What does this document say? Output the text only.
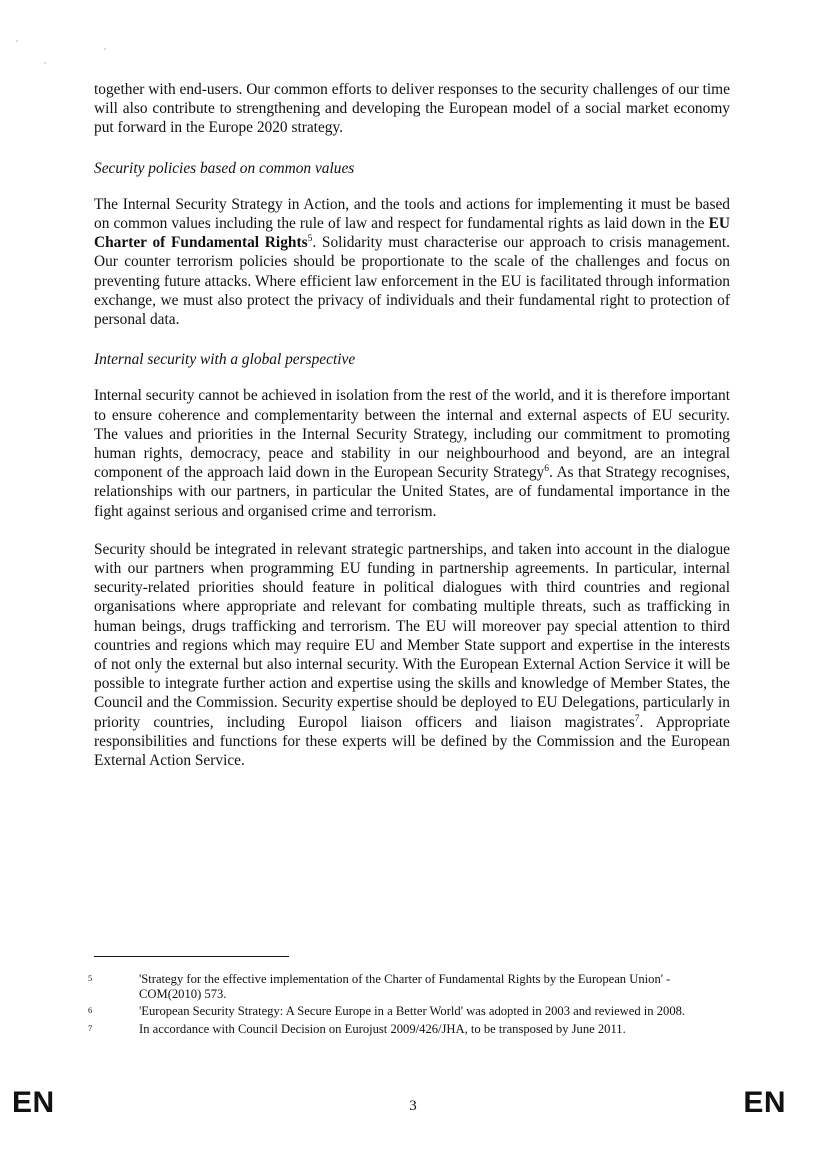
together with end-users. Our common efforts to deliver responses to the security challenges of our time will also contribute to strengthening and developing the European model of a social market economy put forward in the Europe 2020 strategy.

Security policies based on common values

The Internal Security Strategy in Action, and the tools and actions for implementing it must be based on common values including the rule of law and respect for fundamental rights as laid down in the EU Charter of Fundamental Rights$^5$. Solidarity must characterise our approach to crisis management. Our counter terrorism policies should be proportionate to the scale of the challenges and focus on preventing future attacks. Where efficient law enforcement in the EU is facilitated through information exchange, we must also protect the privacy of individuals and their fundamental right to protection of personal data.

Internal security with a global perspective

Internal security cannot be achieved in isolation from the rest of the world, and it is therefore important to ensure coherence and complementarity between the internal and external aspects of EU security. The values and priorities in the Internal Security Strategy, including our commitment to promoting human rights, democracy, peace and stability in our neighbourhood and beyond, are an integral component of the approach laid down in the European Security Strategy$^6$. As that Strategy recognises, relationships with our partners, in particular the United States, are of fundamental importance in the fight against serious and organised crime and terrorism.

Security should be integrated in relevant strategic partnerships, and taken into account in the dialogue with our partners when programming EU funding in partnership agreements. In particular, internal security-related priorities should feature in political dialogues with third countries and regional organisations where appropriate and relevant for combating multiple threats, such as trafficking in human beings, drugs trafficking and terrorism. The EU will moreover pay special attention to third countries and regions which may require EU and Member State support and expertise in the interests of not only the external but also internal security. With the European External Action Service it will be possible to integrate further action and expertise using the skills and knowledge of Member States, the Council and the Commission. Security expertise should be deployed to EU Delegations, particularly in priority countries, including Europol liaison officers and liaison magistrates$^7$. Appropriate responsibilities and functions for these experts will be defined by the Commission and the European External Action Service.

5	'Strategy for the effective implementation of the Charter of Fundamental Rights by the European Union' - COM(2010) 573.
6	'European Security Strategy: A Secure Europe in a Better World' was adopted in 2003 and reviewed in 2008.
7	In accordance with Council Decision on Eurojust 2009/426/JHA, to be transposed by June 2011.
EN	3	EN
